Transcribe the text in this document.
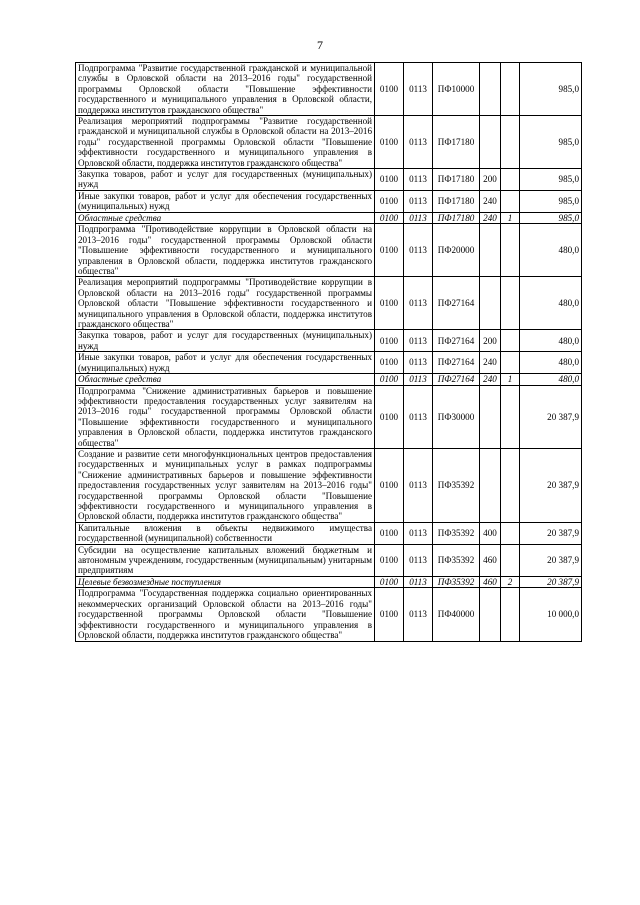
7
Подпрограмма "Развитие государственной гражданской и муниципальной службы в Орловской области на 2013–2016 годы" государственной программы Орловской области "Повышение эффективности государственного и муниципального управления в Орловской области, поддержка институтов гражданского общества"	0100	0113	ПФ10000			985,0
Реализация мероприятий подпрограммы "Развитие государственной гражданской и муниципальной службы в Орловской области на 2013–2016 годы" государственной программы Орловской области "Повышение эффективности государственного и муниципального управления в Орловской области, поддержка институтов гражданского общества"	0100	0113	ПФ17180			985,0
Закупка товаров, работ и услуг для государственных (муниципальных) нужд	0100	0113	ПФ17180	200		985,0
Иные закупки товаров, работ и услуг для обеспечения государственных (муниципальных) нужд	0100	0113	ПФ17180	240		985,0
Областные средства	0100	0113	ПФ17180	240	1	985,0
Подпрограмма "Противодействие коррупции в Орловской области на 2013–2016 годы" государственной программы Орловской области "Повышение эффективности государственного и муниципального управления в Орловской области, поддержка институтов гражданского общества"	0100	0113	ПФ20000			480,0
Реализация мероприятий подпрограммы "Противодействие коррупции в Орловской области на 2013–2016 годы" государственной программы Орловской области "Повышение эффективности государственного и муниципального управления в Орловской области, поддержка институтов гражданского общества"	0100	0113	ПФ27164			480,0
Закупка товаров, работ и услуг для государственных (муниципальных) нужд	0100	0113	ПФ27164	200		480,0
Иные закупки товаров, работ и услуг для обеспечения государственных (муниципальных) нужд	0100	0113	ПФ27164	240		480,0
Областные средства	0100	0113	ПФ27164	240	1	480,0
Подпрограмма "Снижение административных барьеров и повышение эффективности предоставления государственных услуг заявителям на 2013–2016 годы" государственной программы Орловской области "Повышение эффективности государственного и муниципального управления в Орловской области, поддержка институтов гражданского общества"	0100	0113	ПФ30000			20 387,9
Создание и развитие сети многофункциональных центров предоставления государственных и муниципальных услуг в рамках подпрограммы "Снижение административных барьеров и повышение эффективности предоставления государственных услуг заявителям на 2013–2016 годы" государственной программы Орловской области "Повышение эффективности государственного и муниципального управления в Орловской области, поддержка институтов гражданского общества"	0100	0113	ПФ35392			20 387,9
Капитальные вложения в объекты недвижимого имущества государственной (муниципальной) собственности	0100	0113	ПФ35392	400		20 387,9
Субсидии на осуществление капитальных вложений бюджетным и автономным учреждениям, государственным (муниципальным) унитарным предприятиям	0100	0113	ПФ35392	460		20 387,9
Целевые безвозмездные поступления	0100	0113	ПФ35392	460	2	20 387,9
Подпрограмма "Государственная поддержка социально ориентированных некоммерческих организаций Орловской области на 2013–2016 годы" государственной программы Орловской области "Повышение эффективности государственного и муниципального управления в Орловской области, поддержка институтов гражданского общества"	0100	0113	ПФ40000			10 000,0
